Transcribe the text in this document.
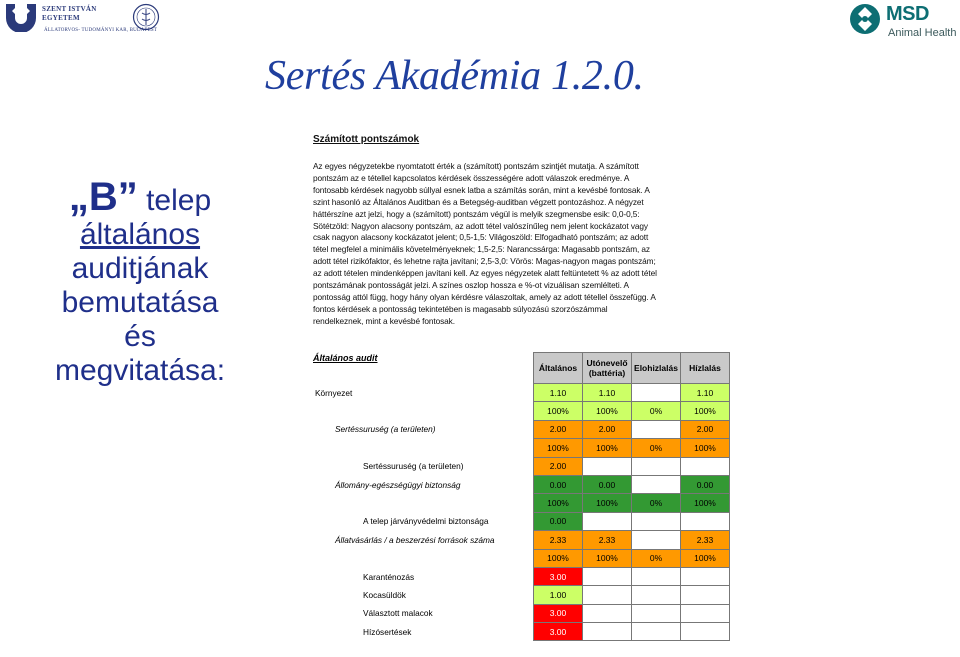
SZENT ISTVÁN
EGYETEM
ÁLLATORVOS- TUDOMÁNYI KAR, BUDAPEST
MSD
Animal Health
Sertés Akadémia 1.2.0.
„B” telep
általános
auditjának
bemutatása
és
megvitatása:
Számított pontszámok

Az egyes négyzetekbe nyomtatott érték a (számított) pontszám szintjét mutatja. A számított pontszám az e tétellel kapcsolatos kérdések összességére adott válaszok eredménye. A fontosabb kérdések nagyobb súllyal esnek latba a számítás során, mint a kevésbé fontosak. A szint hasonló az Általános Auditban és a Betegség-auditban végzett pontozáshoz. A négyzet háttérszíne azt jelzi, hogy a (számított) pontszám végül is melyik szegmensbe esik: 0,0-0,5: Sötétzöld: Nagyon alacsony pontszám, az adott tétel valószínűleg nem jelent kockázatot vagy csak nagyon alacsony kockázatot jelent; 0,5-1,5: Világoszöld: Elfogadható pontszám; az adott tétel megfelel a minimális követelményeknek; 1,5-2,5: Narancssárga: Magasabb pontszám, az adott tétel rizikófaktor, és lehetne rajta javítani; 2,5-3,0: Vörös: Magas-nagyon magas pontszám; az adott tételen mindenképpen javítani kell. Az egyes négyzetek alatt feltüntetett % az adott tétel pontszámának pontosságát jelzi. A színes oszlop hossza e %-ot vizuálisan szemlélteti. A pontosság attól függ, hogy hány olyan kérdésre válaszoltak, amely az adott tétellel összefügg. A fontos kérdések a pontosság tekintetében is magasabb súlyozású szorzószámmal rendelkeznek, mint a kevésbé fontosak.

Általános audit	Általános	Utónevelő (battéria)	Elohizlalás	Hízlalás
Környezet	1.10	1.10		1.10
	100%	100%	0%	100%
Sertéssuruség (a területen)	2.00	2.00		2.00
	100%	100%	0%	100%
Sertéssuruség (a területen)	2.00			
Állomány-egészségügyi biztonság	0.00	0.00		0.00
	100%	100%	0%	100%
A telep járványvédelmi biztonsága	0.00			
Állatvásárlás / a beszerzési források száma	2.33	2.33		2.33
	100%	100%	0%	100%
Karanténozás	3.00			
Kocasüldök	1.00			
Választott malacok	3.00			
Hízósertések	3.00			
